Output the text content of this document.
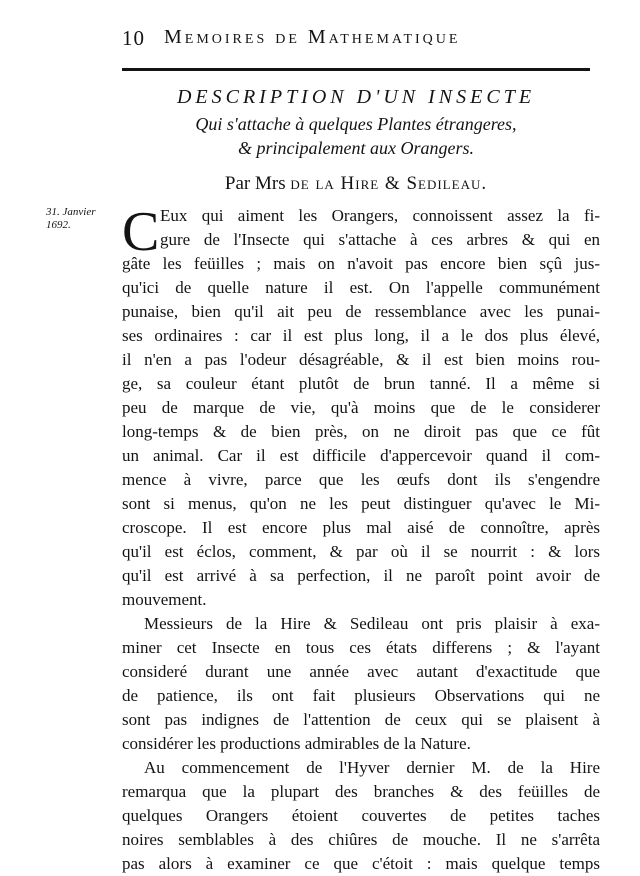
10 Memoires de Mathematique
DESCRIPTION D'UN INSECTE
Qui s'attache à quelques Plantes étrangeres,
& principalement aux Orangers.
Par Mrs de la Hire & Sedileau.
31. Janvier
1692. C Eux qui aiment les Orangers, connoissent assez la fi-
gure de l'Insecte qui s'attache à ces arbres & qui en
gâte les feüilles ; mais on n'avoit pas encore bien sçû jus-
qu'ici de quelle nature il est. On l'appelle communément
punaise, bien qu'il ait peu de ressemblance avec les punai-
ses ordinaires : car il est plus long, il a le dos plus élevé,
il n'en a pas l'odeur désagréable, & il est bien moins rou-
ge, sa couleur étant plutôt de brun tanné. Il a même si
peu de marque de vie, qu'à moins que de le considerer
long-temps & de bien près, on ne diroit pas que ce fût
un animal. Car il est difficile d'appercevoir quand il com-
mence à vivre, parce que les œufs dont ils s'engendre
sont si menus, qu'on ne les peut distinguer qu'avec le Mi-
croscope. Il est encore plus mal aisé de connoître, après
qu'il est éclos, comment, & par où il se nourrit : & lors
qu'il est arrivé à sa perfection, il ne paroît point avoir de
mouvement.
Messieurs de la Hire & Sedileau ont pris plaisir à exa-
miner cet Insecte en tous ces états differens ; & l'ayant
consideré durant une année avec autant d'exactitude que
de patience, ils ont fait plusieurs Observations qui ne
sont pas indignes de l'attention de ceux qui se plaisent à
considérer les productions admirables de la Nature.
Au commencement de l'Hyver dernier M. de la Hire
remarqua que la plupart des branches & des feüilles de
quelques Orangers étoient couvertes de petites taches
noires semblables à des chiûres de mouche. Il ne s'arrêta
pas alors à examiner ce que c'étoit : mais quelque temps
